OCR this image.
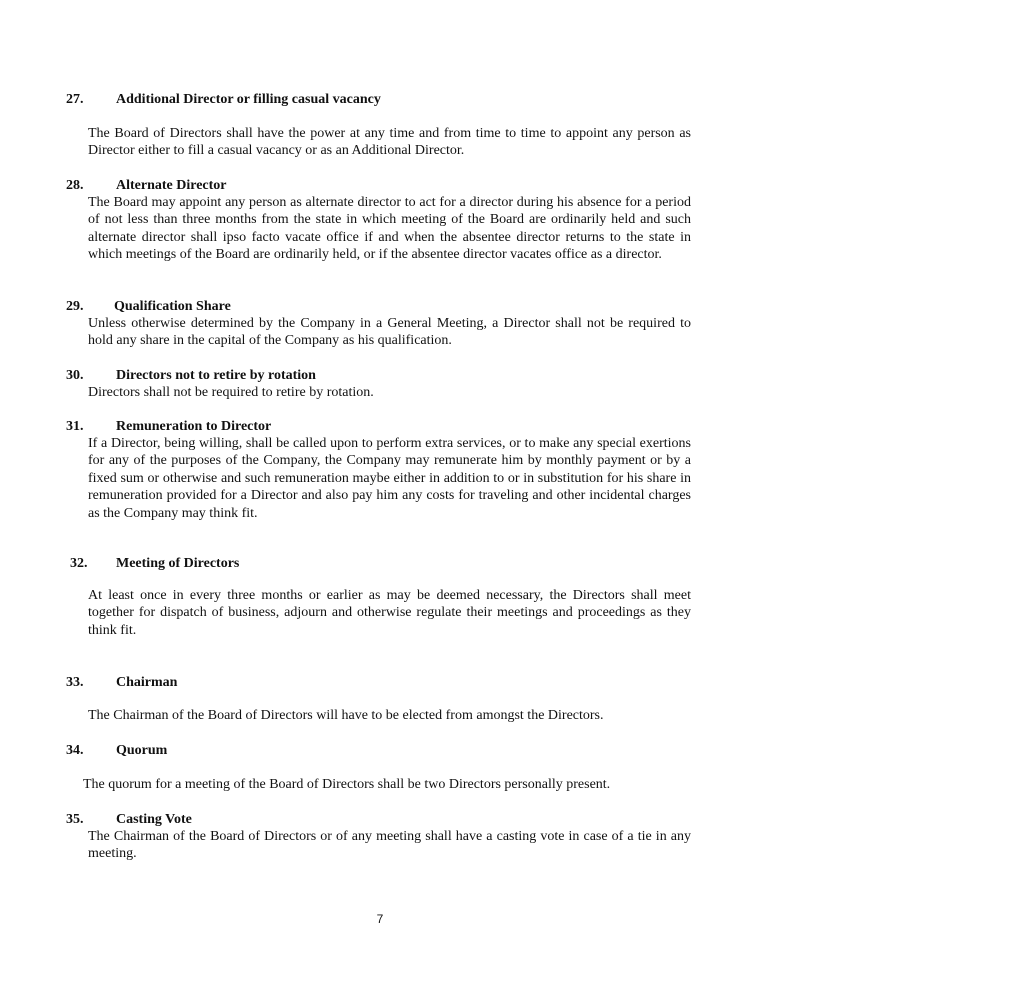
27. Additional Director or filling casual vacancy
The Board of Directors shall have the power at any time and from time to time to appoint any person as Director either to fill a casual vacancy or as an Additional Director.
28. Alternate Director
The Board may appoint any person as alternate director to act for a director during his absence for a period of not less than three months from the state in which meeting of the Board are ordinarily held and such alternate director shall ipso facto vacate office if and when the absentee director returns to the state in which meetings of the Board are ordinarily held, or if the absentee director vacates office as a director.
29. Qualification Share
Unless otherwise determined by the Company in a General Meeting, a Director shall not be required to hold any share in the capital of the Company as his qualification.
30. Directors not to retire by rotation
Directors shall not be required to retire by rotation.
31. Remuneration to Director
If a Director, being willing, shall be called upon to perform extra services, or to make any special exertions for any of the purposes of the Company, the Company may remunerate him by monthly payment or by a fixed sum or otherwise and such remuneration maybe either in addition to or in substitution for his share in remuneration provided for a Director and also pay him any costs for traveling and other incidental charges as the Company may think fit.
32. Meeting of Directors
At least once in every three months or earlier as may be deemed necessary, the Directors shall meet together for dispatch of business, adjourn and otherwise regulate their meetings and proceedings as they think fit.
33. Chairman
The Chairman of the Board of Directors will have to be elected from amongst the Directors.
34. Quorum
The quorum for a meeting of the Board of Directors shall be two Directors personally present.
35. Casting Vote
The Chairman of the Board of Directors or of any meeting shall have a casting vote in case of a tie in any meeting.
7
